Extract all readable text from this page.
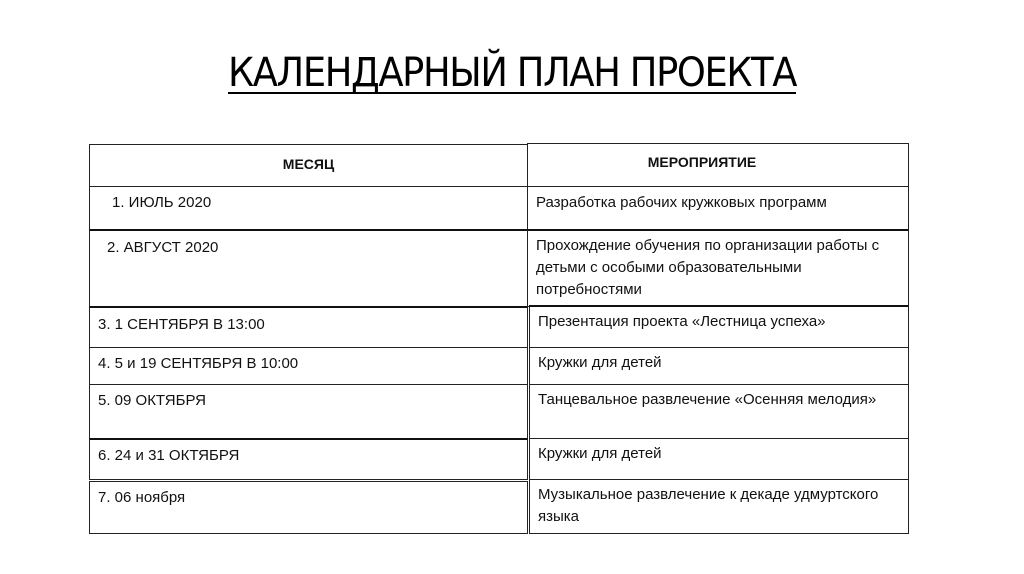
КАЛЕНДАРНЫЙ ПЛАН ПРОЕКТА
МЕСЯЦ
1. ИЮЛЬ 2020
2. АВГУСТ 2020
3. 1 СЕНТЯБРЯ В 13:00
4. 5 и 19 СЕНТЯБРЯ В 10:00
5. 09 ОКТЯБРЯ
6. 24 и 31 ОКТЯБРЯ
7. 06 ноября
МЕРОПРИЯТИЕ
Разработка рабочих кружковых программ
Прохождение обучения по организации работы с детьми с особыми образовательными потребностями
Презентация проекта «Лестница успеха»
Кружки для детей
Танцевальное развлечение «Осенняя мелодия»
Кружки для детей
Музыкальное развлечение к декаде удмуртского языка
